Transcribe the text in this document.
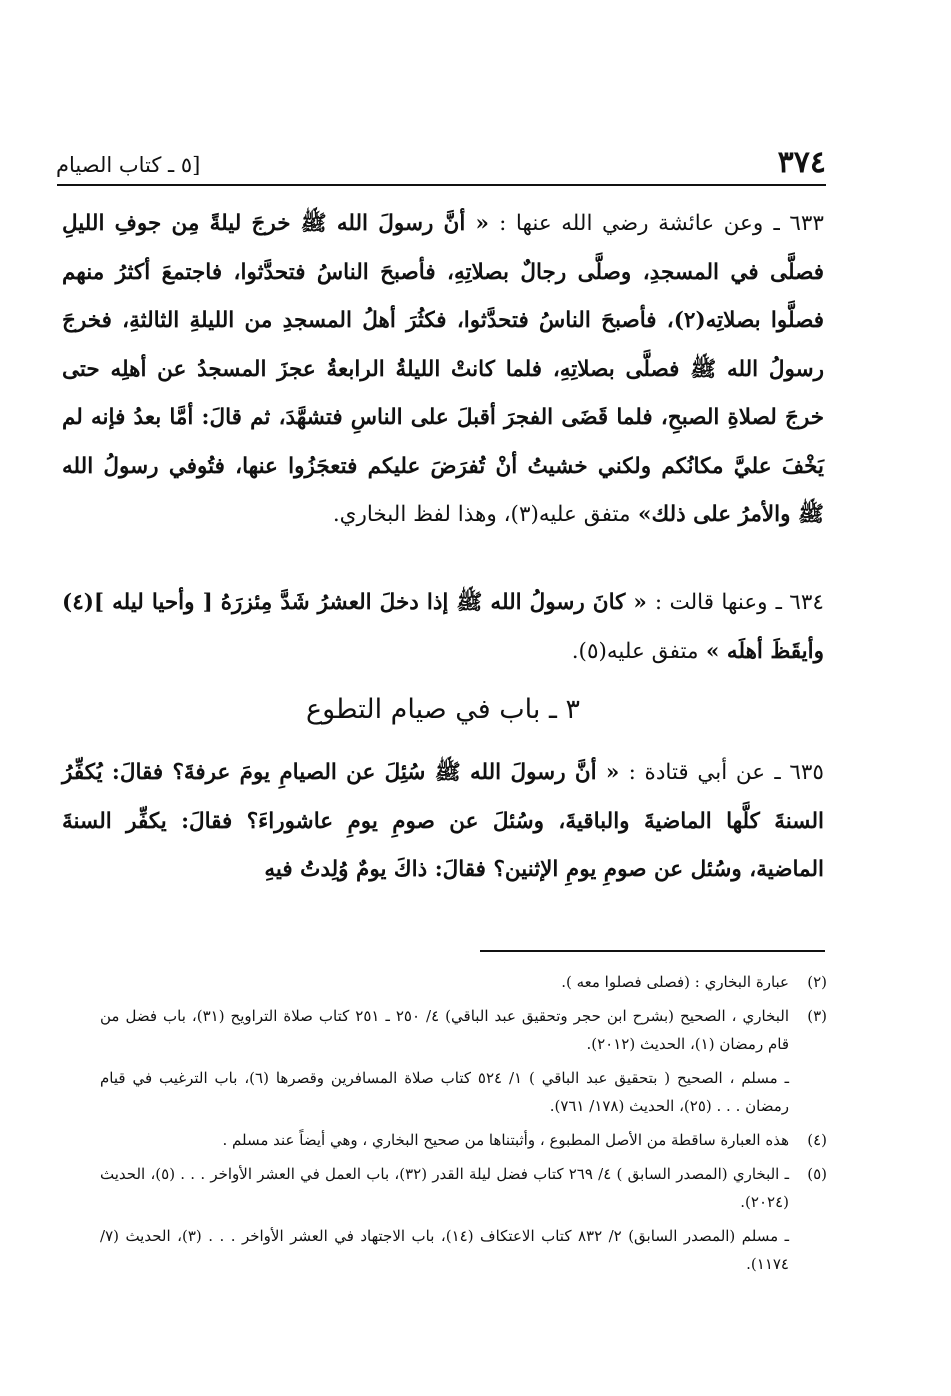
٣٧٤
[٥ ـ كتاب الصيام

٦٣٣ ـ وعن عائشة رضي الله عنها : « أنَّ رسولَ الله ﷺ خرجَ ليلةً مِن جوفِ الليلِ فصلَّى في المسجدِ، وصلَّى رجالٌ بصلاتِهِ، فأصبحَ الناسُ فتحدَّثوا، فاجتمعَ أكثرُ منهم فصلَّوا بصلاتِه(٢)، فأصبحَ الناسُ فتحدَّثوا، فكثُرَ أهلُ المسجدِ من الليلةِ الثالثةِ، فخرجَ رسولُ الله ﷺ فصلَّى بصلاتِهِ، فلما كانتْ الليلةُ الرابعةُ عجزَ المسجدُ عن أهلِه حتى خرجَ لصلاةِ الصبحِ، فلما قَضَى الفجرَ أقبلَ على الناسِ فتشهَّدَ، ثم قالَ: أمَّا بعدُ فإنه لم يَخْفَ عليَّ مكانُكم ولكني خشيتُ أنْ تُفرَضَ عليكم فتعجَزُوا عنها، فتُوفي رسولُ الله ﷺ والأمرُ على ذلك» متفق عليه(٣)، وهذا لفظ البخاري.

٦٣٤ ـ وعنها قالت : « كانَ رسولُ الله ﷺ إذا دخلَ العشرُ شَدَّ مِئزرَهُ [ وأحيا ليله ](٤) وأيقَظَ أهلَه » متفق عليه(٥).

٣ ـ باب في صيام التطوع

٦٣٥ ـ عن أبي قتادة : « أنَّ رسولَ الله ﷺ سُئِلَ عن الصيامِ يومَ عرفةَ؟ فقالَ: يُكفِّرُ السنةَ كلَّها الماضيةَ والباقيةَ، وسُئلَ عن صومِ يومِ عاشوراءَ؟ فقالَ: يكفِّر السنةَ الماضية، وسُئل عن صومِ يومِ الإثنين؟ فقالَ: ذاكَ يومٌ وُلِدتُ فيهِ

(٢)
عبارة البخاري : (فصلى فصلوا معه ).
(٣)
البخاري ، الصحيح (بشرح ابن حجر وتحقيق عبد الباقي) ٤/ ٢٥٠ ـ ٢٥١ كتاب صلاة التراويح (٣١)، باب فضل من قام رمضان (١)، الحديث (٢٠١٢).
ـ مسلم ، الصحيح ( بتحقيق عبد الباقي ) ١/ ٥٢٤ كتاب صلاة المسافرين وقصرها (٦)، باب الترغيب في قيام رمضان . . . (٢٥)، الحديث (١٧٨/ ٧٦١).
(٤)
هذه العبارة ساقطة من الأصل المطبوع ، وأثبتناها من صحيح البخاري ، وهي أيضاً عند مسلم .
(٥)
ـ البخاري (المصدر السابق ) ٤/ ٢٦٩ كتاب فضل ليلة القدر (٣٢)، باب العمل في العشر الأواخر . . . (٥)، الحديث (٢٠٢٤).
ـ مسلم (المصدر السابق) ٢/ ٨٣٢ كتاب الاعتكاف (١٤)، باب الاجتهاد في العشر الأواخر . . . (٣)، الحديث (٧/ ١١٧٤).
